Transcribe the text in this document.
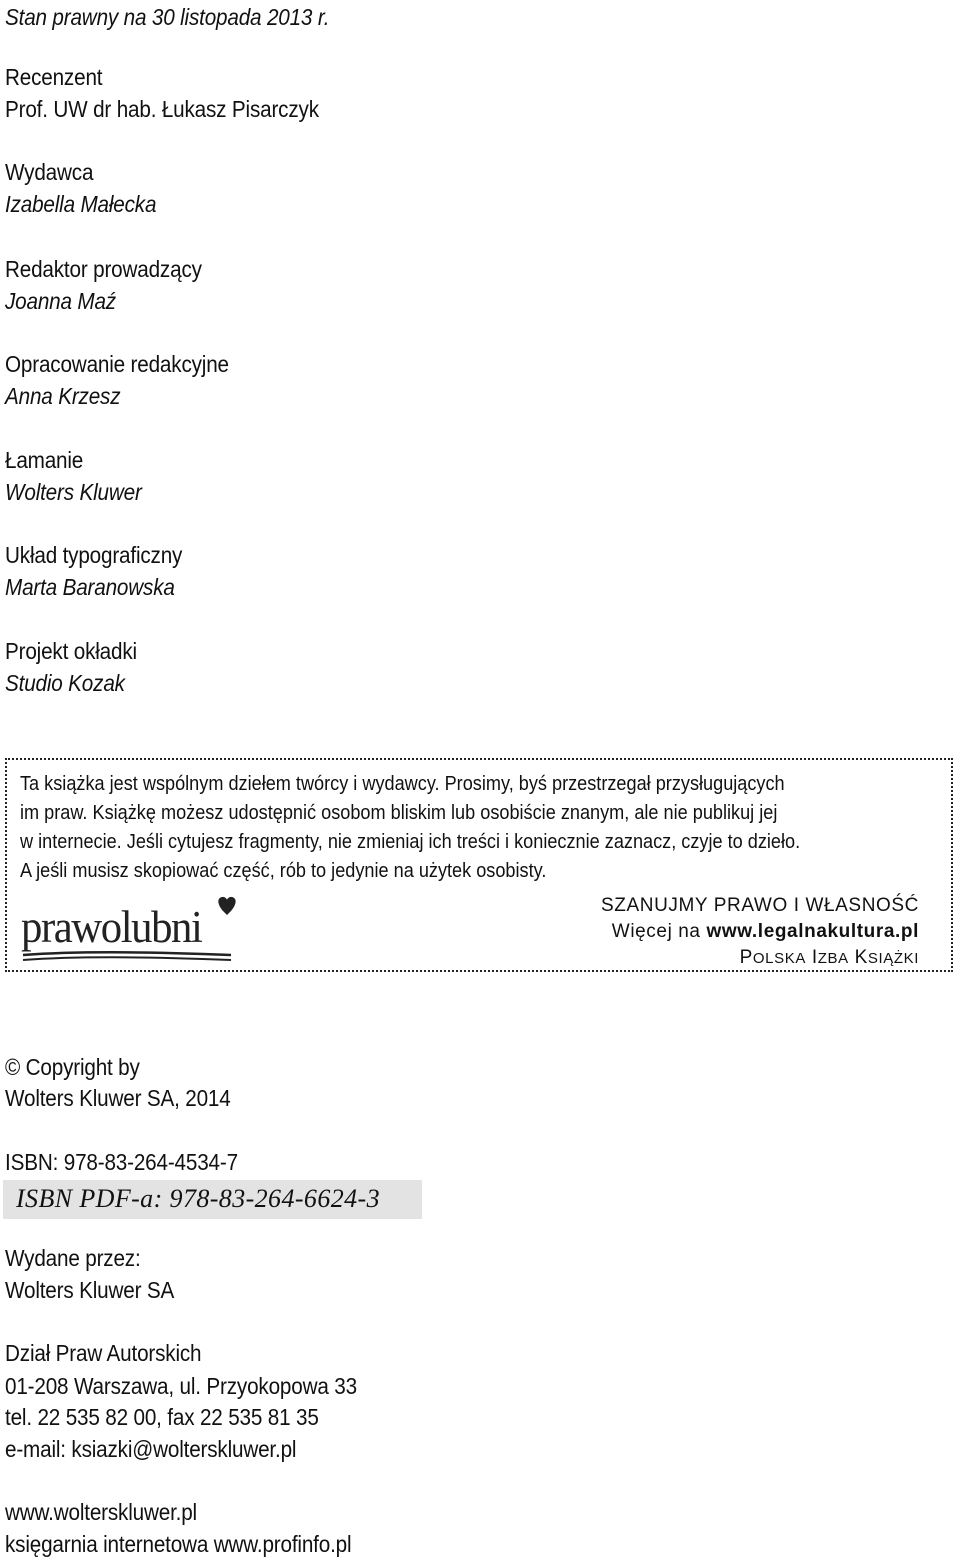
Stan prawny na 30 listopada 2013 r.
Recenzent
Prof. UW dr hab. Łukasz Pisarczyk
Wydawca
Izabella Małecka
Redaktor prowadzący
Joanna Maź
Opracowanie redakcyjne
Anna Krzesz
Łamanie
Wolters Kluwer
Układ typograficzny
Marta Baranowska
Projekt okładki
Studio Kozak
Ta książka jest wspólnym dziełem twórcy i wydawcy. Prosimy, byś przestrzegał przysługujących
im praw. Książkę możesz udostępnić osobom bliskim lub osobiście znanym, ale nie publikuj jej
w internecie. Jeśli cytujesz fragmenty, nie zmieniaj ich treści i koniecznie zaznacz, czyje to dzieło.
A jeśli musisz skopiować część, rób to jedynie na użytek osobisty.
prawolubni	SZANUJMY PRAWO I WŁASNOŚĆ
Więcej na www.legalnakultura.pl
POLSKA IZBA KSIĄŻKI
© Copyright by
Wolters Kluwer SA, 2014
ISBN: 978-83-264-4534-7
ISBN PDF-a: 978-83-264-6624-3
Wydane przez:
Wolters Kluwer SA
Dział Praw Autorskich
01-208 Warszawa, ul. Przyokopowa 33
tel. 22 535 82 00, fax 22 535 81 35
e-mail: ksiazki@wolterskluwer.pl
www.wolterskluwer.pl
księgarnia internetowa www.profinfo.pl
